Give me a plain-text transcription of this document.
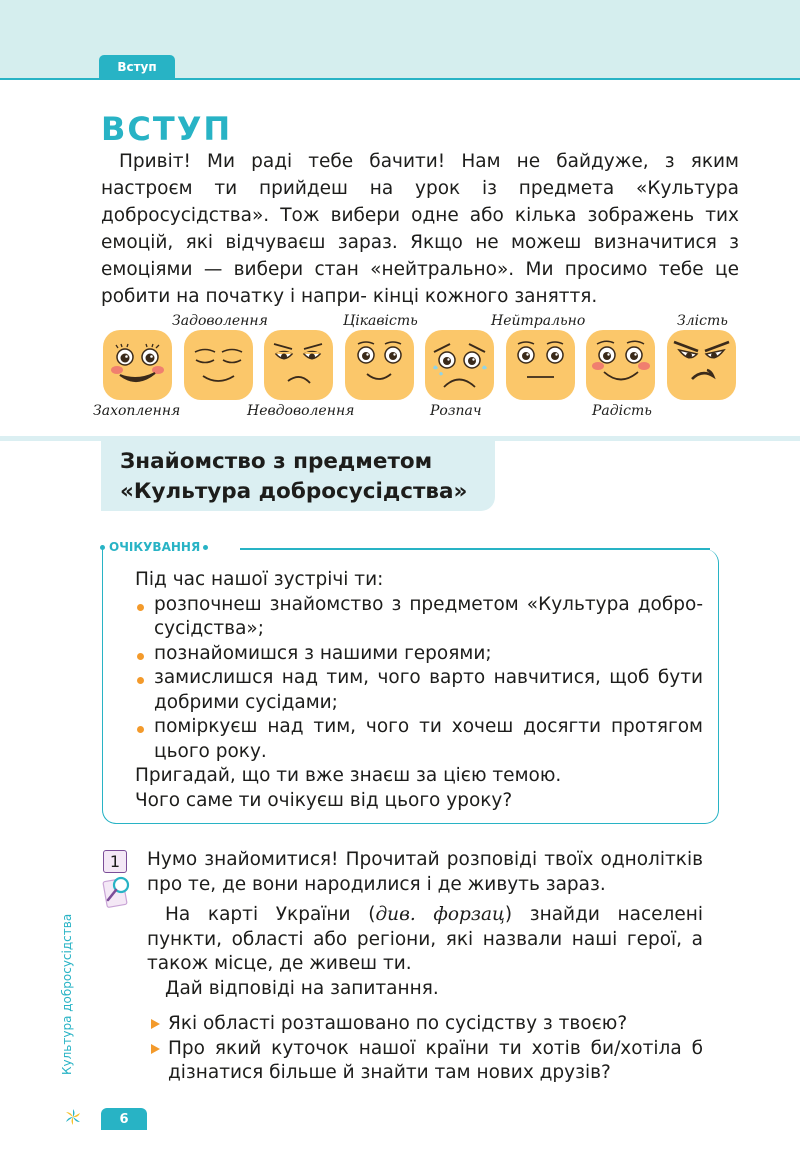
Вступ
ВСТУП
Привіт! Ми раді тебе бачити! Нам не байдуже, з яким настроєм ти прийдеш на урок із предмета «Культура добросусідства». Тож вибери одне або кілька зображень тих емоцій, які відчуваєш зараз. Якщо не можеш визначитися з емоціями — вибери стан «нейтрально». Ми просимо тебе це робити на початку і напри- кінці кожного заняття.
Задоволення	Цікавість	Нейтрально	Злість
Захоплення	Невдоволення	Розпач	Радість
Знайомство з предметом
«Культура добросусідства»
ОЧІКУВАННЯ
Під час нашої зустрічі ти:
розпочнеш знайомство з предметом «Культура добро-сусідства»;
познайомишся з нашими героями;
замислишся над тим, чого варто навчитися, щоб бути добрими сусідами;
поміркуєш над тим, чого ти хочеш досягти протягом цього року.
Пригадай, що ти вже знаєш за цією темою.
Чого саме ти очікуєш від цього уроку?
1	Нумо знайомитися! Прочитай розповіді твоїх однолітків про те, де вони народилися і де живуть зараз.

На карті України (див. форзац) знайди населені пункти, області або регіони, які назвали наші герої, а також місце, де живеш ти.

Дай відповіді на запитання.

Які області розташовано по сусідству з твоєю?

Про який куточок нашої країни ти хотів би/хотіла б дізнатися більше й знайти там нових друзів?

Культура добросусідства
6
